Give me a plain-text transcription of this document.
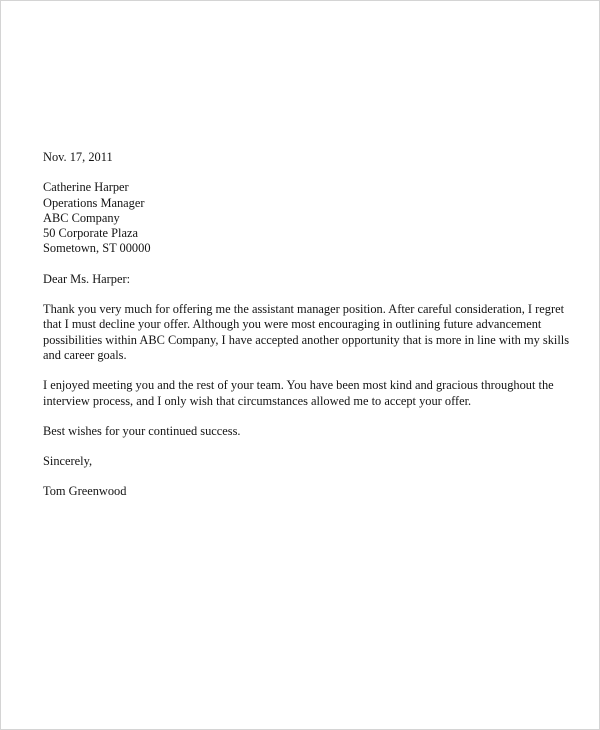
Nov. 17, 2011
Catherine Harper
Operations Manager
ABC Company
50 Corporate Plaza
Sometown, ST 00000
Dear Ms. Harper:
Thank you very much for offering me the assistant manager position. After careful consideration, I regret that I must decline your offer. Although you were most encouraging in outlining future advancement possibilities within ABC Company, I have accepted another opportunity that is more in line with my skills and career goals.
I enjoyed meeting you and the rest of your team. You have been most kind and gracious throughout the interview process, and I only wish that circumstances allowed me to accept your offer.
Best wishes for your continued success.
Sincerely,
Tom Greenwood
